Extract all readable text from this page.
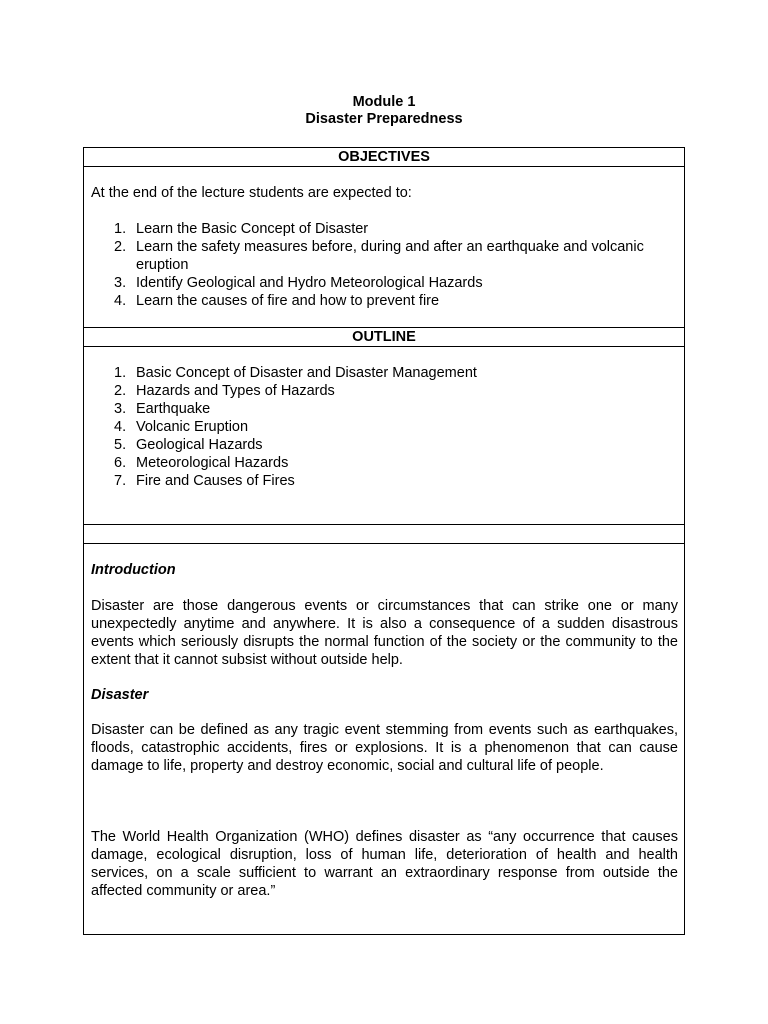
Module 1
Disaster Preparedness
OBJECTIVES
At the end of the lecture students are expected to:
1. Learn the Basic Concept of Disaster
2. Learn the safety measures before, during and after an earthquake and volcanic eruption
3. Identify Geological and Hydro Meteorological Hazards
4. Learn the causes of fire and how to prevent fire
OUTLINE
1. Basic Concept of Disaster and Disaster Management
2. Hazards and Types of Hazards
3. Earthquake
4. Volcanic Eruption
5. Geological Hazards
6. Meteorological Hazards
7. Fire and Causes of Fires
Introduction
Disaster are those dangerous events or circumstances that can strike one or many unexpectedly anytime and anywhere. It is also a consequence of a sudden disastrous events which seriously disrupts the normal function of the society or the community to the extent that it cannot subsist without outside help.
Disaster
Disaster can be defined as any tragic event stemming from events such as earthquakes, floods, catastrophic accidents, fires or explosions. It is a phenomenon that can cause damage to life, property and destroy economic, social and cultural life of people.
The World Health Organization (WHO) defines disaster as “any occurrence that causes damage, ecological disruption, loss of human life, deterioration of health and health services, on a scale sufficient to warrant an extraordinary response from outside the affected community or area.”
